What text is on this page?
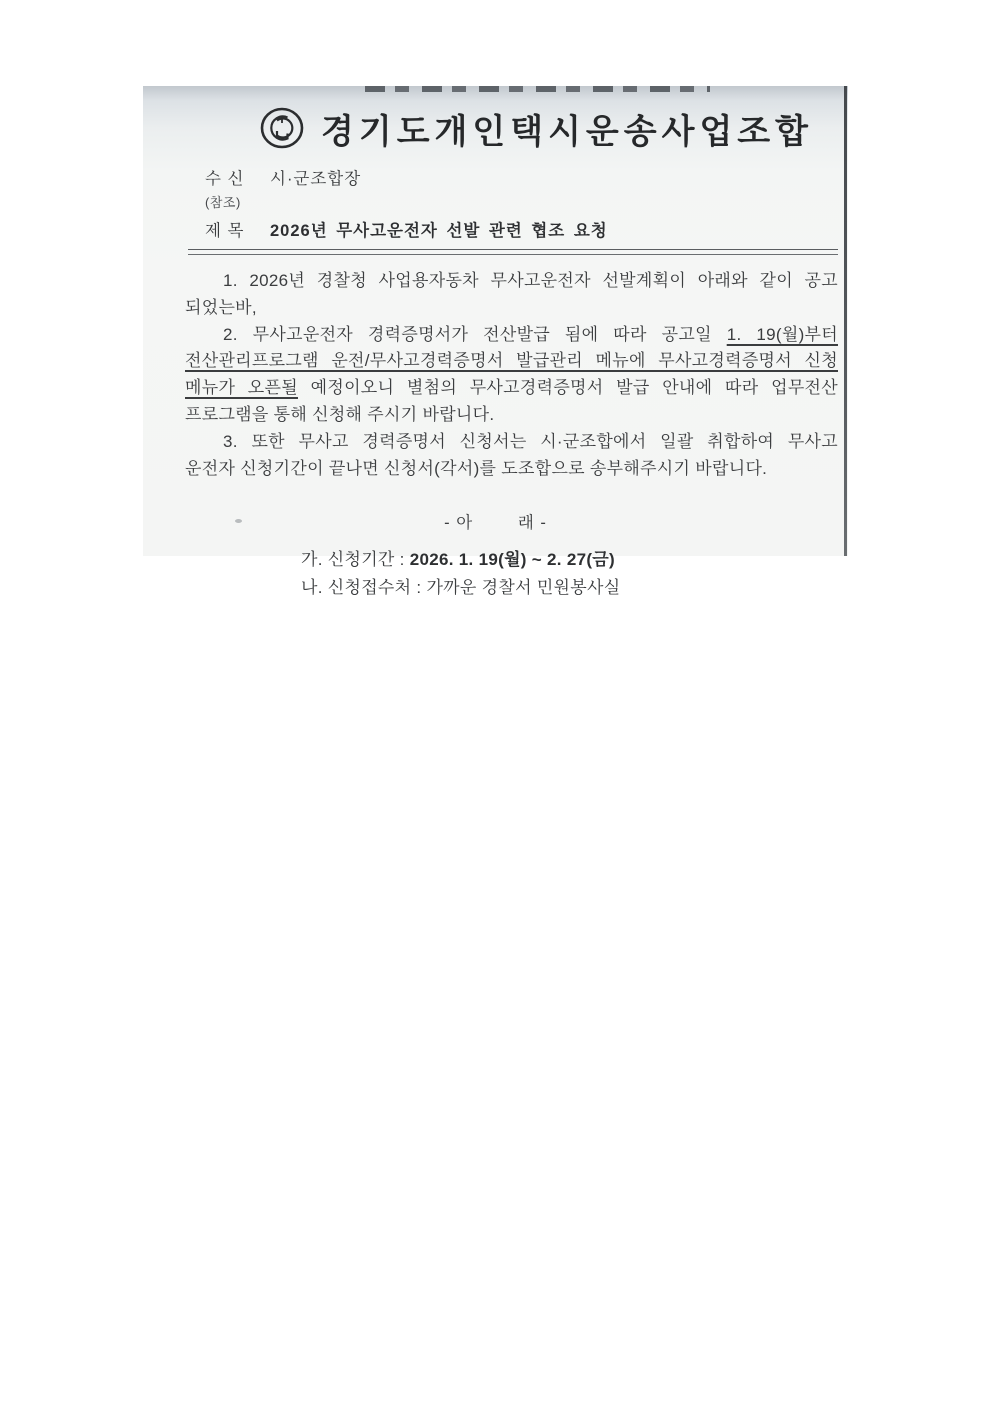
경기도개인택시운송사업조합
수 신	시·군조합장
(참조)
제 목	2026년 무사고운전자 선발 관련 협조 요청
1. 2026년 경찰청 사업용자동차 무사고운전자 선발계획이 아래와 같이 공고
되었는바,
2. 무사고운전자 경력증명서가 전산발급 됨에 따라 공고일 1. 19(월)부터
전산관리프로그램 운전/무사고경력증명서 발급관리 메뉴에 무사고경력증명서 신청
메뉴가 오픈될 예정이오니 별첨의 무사고경력증명서 발급 안내에 따라 업무전산
프로그램을 통해 신청해 주시기 바랍니다.
3. 또한 무사고 경력증명서 신청서는 시·군조합에서 일괄 취합하여 무사고
운전자 신청기간이 끝나면 신청서(각서)를 도조합으로 송부해주시기 바랍니다.
- 아        래 -
가. 신청기간 : 2026. 1. 19(월) ~ 2. 27(금)
나. 신청접수처 : 가까운 경찰서 민원봉사실
